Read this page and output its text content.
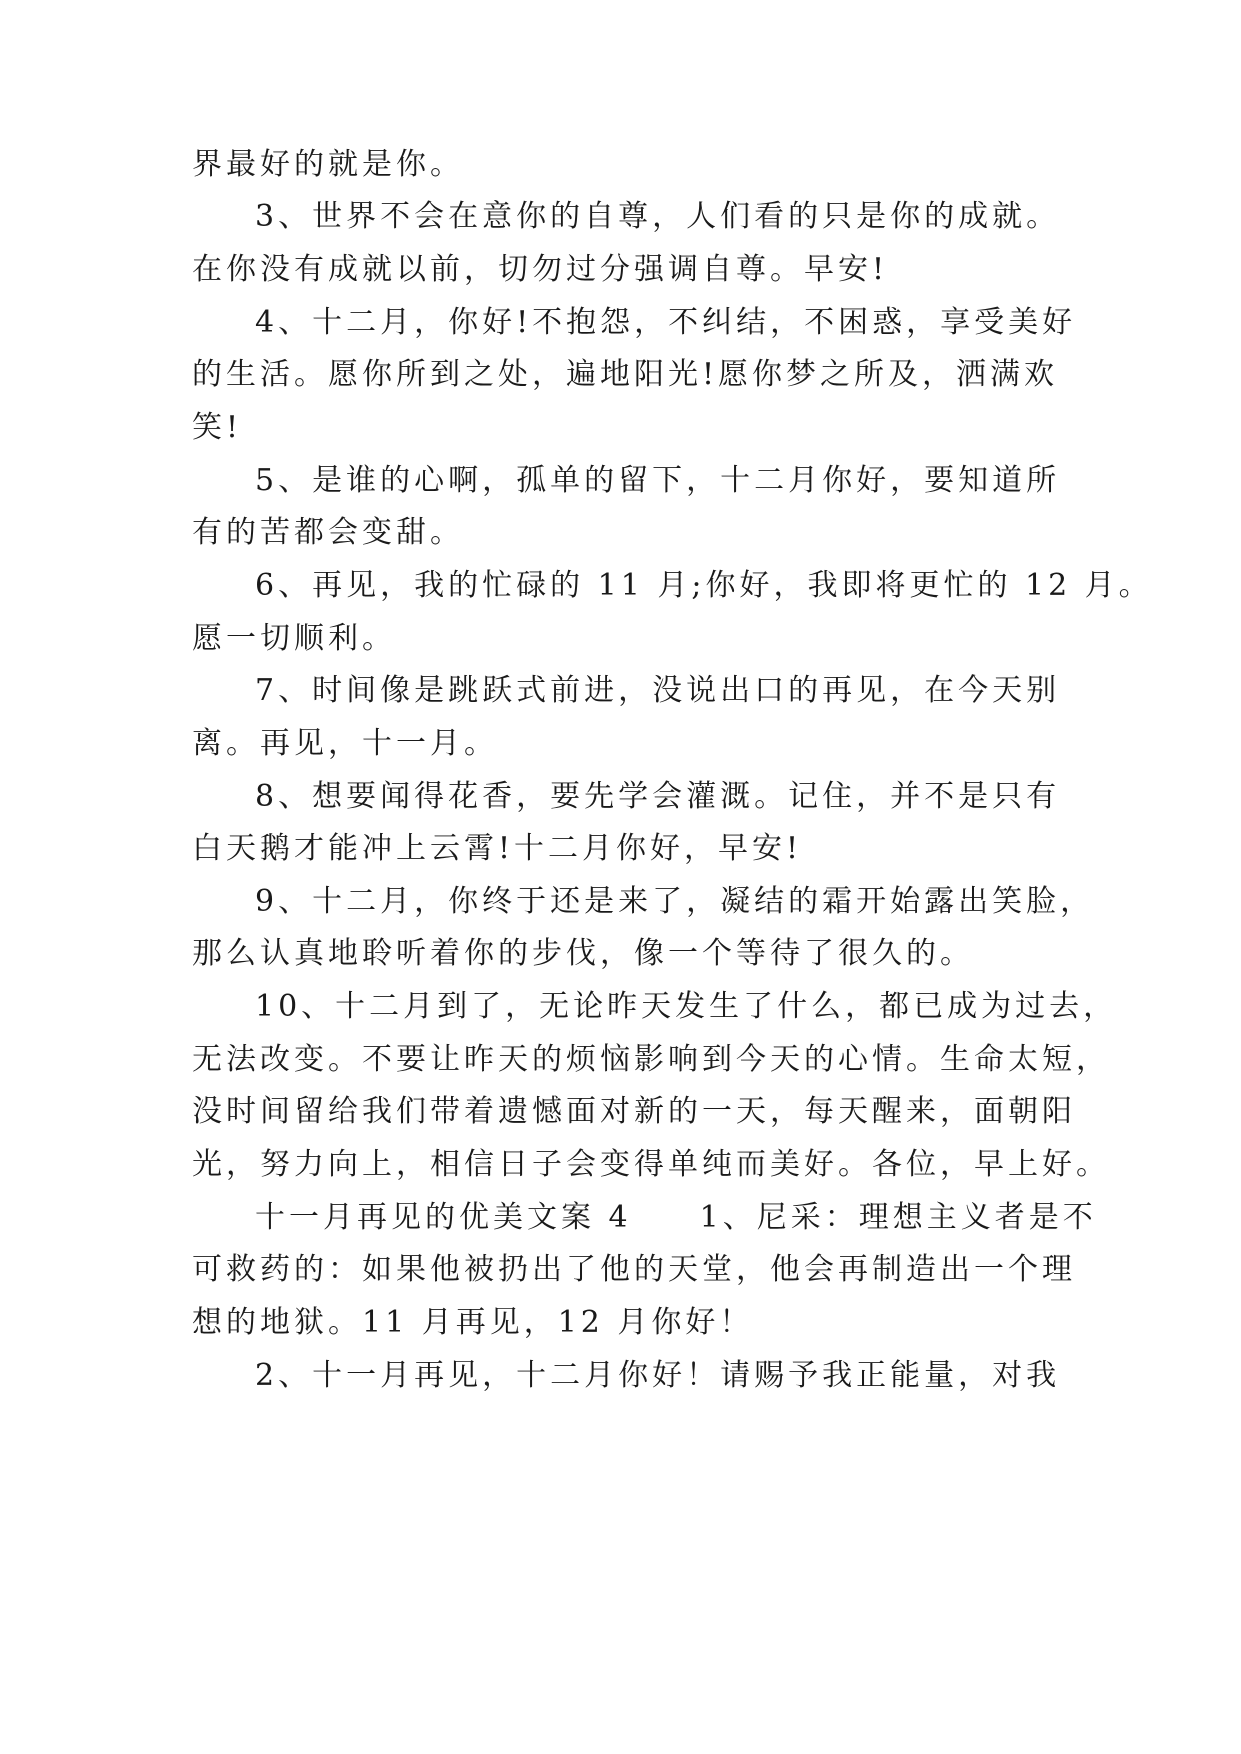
界最好的就是你。
3、世界不会在意你的自尊，人们看的只是你的成就。
在你没有成就以前，切勿过分强调自尊。早安!
4、十二月，你好!不抱怨，不纠结，不困惑，享受美好
的生活。愿你所到之处，遍地阳光!愿你梦之所及，洒满欢
笑!
5、是谁的心啊，孤单的留下，十二月你好，要知道所
有的苦都会变甜。
6、再见，我的忙碌的 11 月;你好，我即将更忙的 12 月。
愿一切顺利。
7、时间像是跳跃式前进，没说出口的再见，在今天别
离。再见，十一月。
8、想要闻得花香，要先学会灌溉。记住，并不是只有
白天鹅才能冲上云霄!十二月你好，早安!
9、十二月，你终于还是来了，凝结的霜开始露出笑脸，
那么认真地聆听着你的步伐，像一个等待了很久的。
10、十二月到了，无论昨天发生了什么，都已成为过去，
无法改变。不要让昨天的烦恼影响到今天的心情。生命太短，
没时间留给我们带着遗憾面对新的一天，每天醒来，面朝阳
光，努力向上，相信日子会变得单纯而美好。各位，早上好。
十一月再见的优美文案 4　　1、尼采：理想主义者是不
可救药的：如果他被扔出了他的天堂，他会再制造出一个理
想的地狱。11 月再见，12 月你好！
2、十一月再见，十二月你好！请赐予我正能量，对我
